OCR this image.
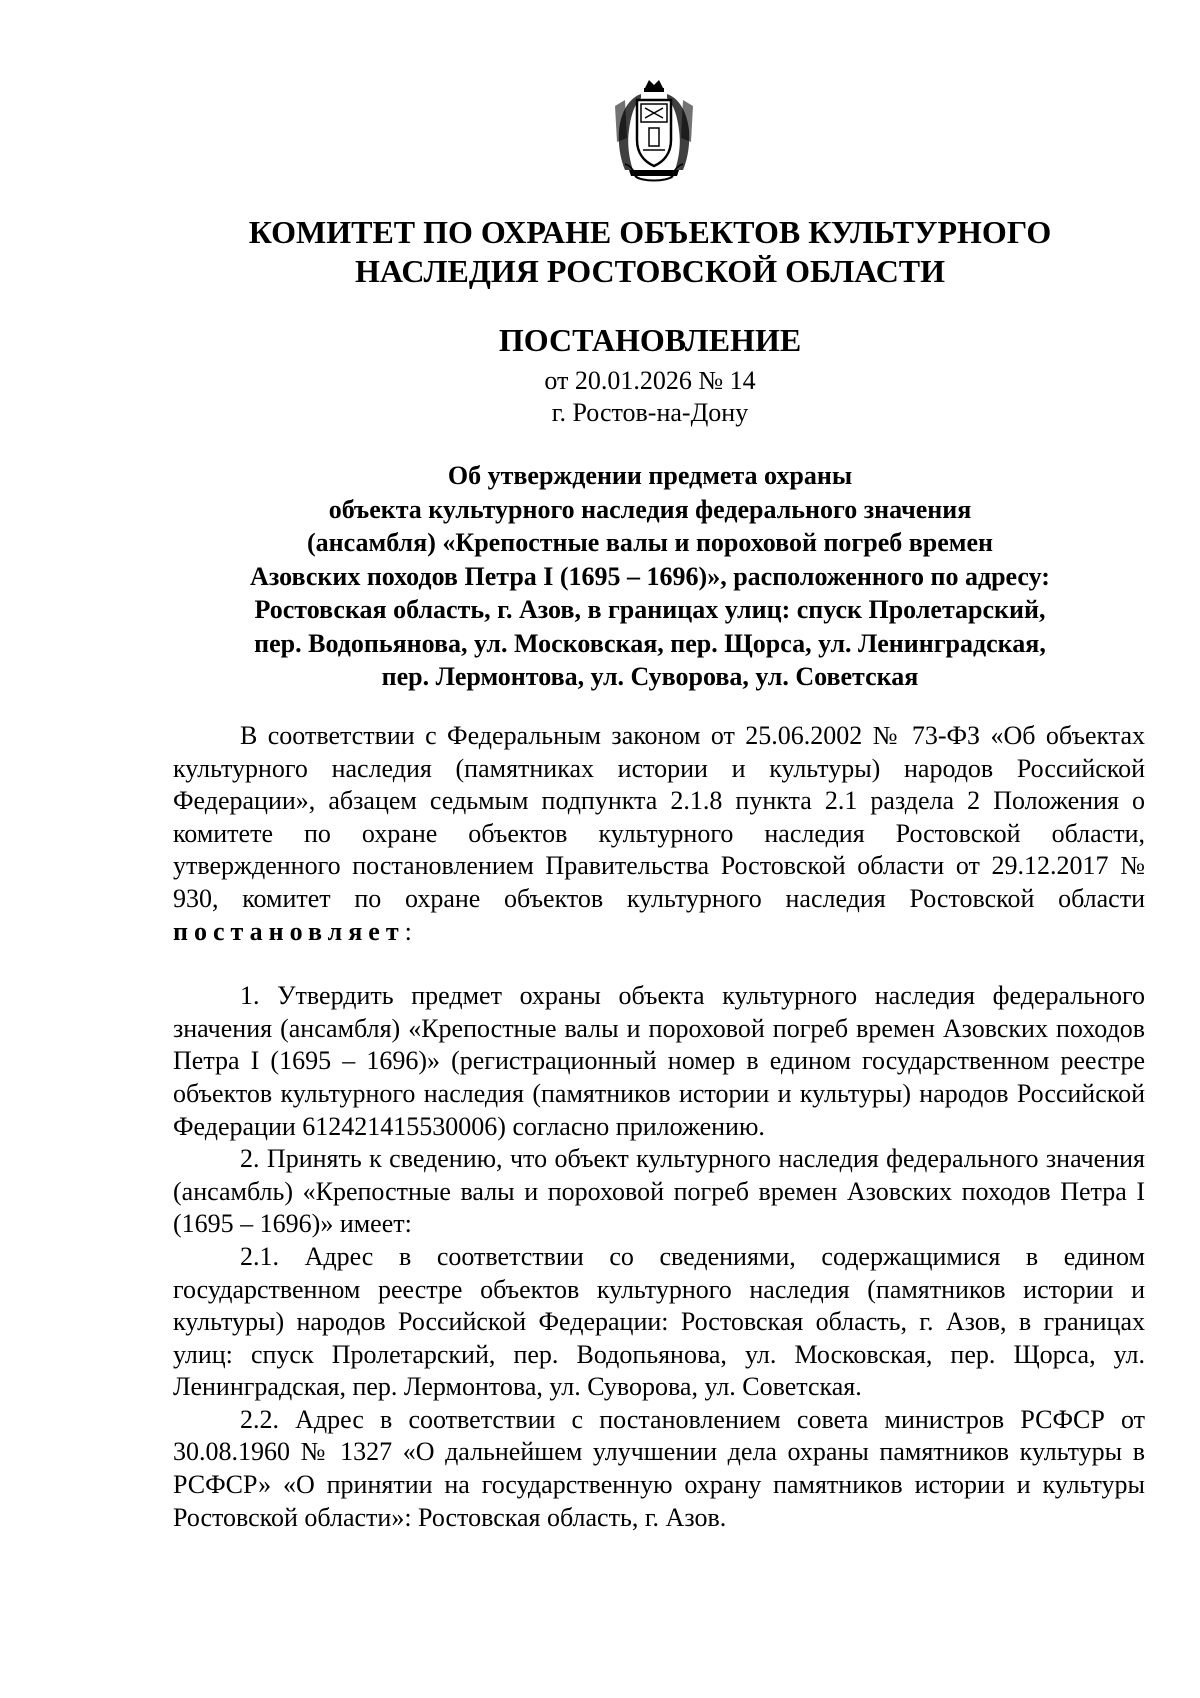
КОМИТЕТ ПО ОХРАНЕ ОБЪЕКТОВ КУЛЬТУРНОГО
НАСЛЕДИЯ РОСТОВСКОЙ ОБЛАСТИ
ПОСТАНОВЛЕНИЕ
от 20.01.2026 № 14
г. Ростов-на-Дону
Об утверждении предмета охраны
объекта культурного наследия федерального значения
(ансамбля) «Крепостные валы и пороховой погреб времен
Азовских походов Петра I (1695 – 1696)», расположенного по адресу:
Ростовская область, г. Азов, в границах улиц: спуск Пролетарский,
пер. Водопьянова, ул. Московская, пер. Щорса, ул. Ленинградская,
пер. Лермонтова, ул. Суворова, ул. Советская

В соответствии с Федеральным законом от 25.06.2002 № 73-ФЗ «Об объектах культурного наследия (памятниках истории и культуры) народов Российской Федерации», абзацем седьмым подпункта 2.1.8 пункта 2.1 раздела 2 Положения о комитете по охране объектов культурного наследия Ростовской области, утвержденного постановлением Правительства Ростовской области от 29.12.2017 № 930, комитет по охране объектов культурного наследия Ростовской области постановляет:

1. Утвердить предмет охраны объекта культурного наследия федерального значения (ансамбля) «Крепостные валы и пороховой погреб времен Азовских походов Петра I (1695 – 1696)» (регистрационный номер в едином государственном реестре объектов культурного наследия (памятников истории и культуры) народов Российской Федерации 612421415530006) согласно приложению.

2. Принять к сведению, что объект культурного наследия федерального значения (ансамбль) «Крепостные валы и пороховой погреб времен Азовских походов Петра I (1695 – 1696)» имеет:

2.1. Адрес в соответствии со сведениями, содержащимися в едином государственном реестре объектов культурного наследия (памятников истории и культуры) народов Российской Федерации: Ростовская область, г. Азов, в границах улиц: спуск Пролетарский, пер. Водопьянова, ул. Московская, пер. Щорса, ул. Ленинградская, пер. Лермонтова, ул. Суворова, ул. Советская.

2.2. Адрес в соответствии с постановлением совета министров РСФСР от 30.08.1960 № 1327 «О дальнейшем улучшении дела охраны памятников культуры в РСФСР» «О принятии на государственную охрану памятников истории и культуры Ростовской области»: Ростовская область, г. Азов.
